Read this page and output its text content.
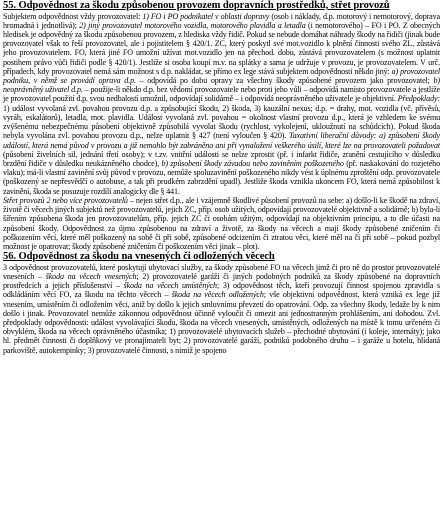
55. Odpovědnost za škodu způsobenou provozem dopravních prostředků, střet provozů

Subjektem odpovědnost vždy provozovatel: 1) FO i PO podnikatel v oblasti dopravy (osob i náklady, d.p. motorový i nemotorový, doprava hromadná i jednotlivá); 2) jiný provozovatel motorového vozidla, motorového plavidla a letadla (i nemotorového) – FO i PO. Z obecných hledisek je odpovědný za škodu způsobenou provozem, z hlediska vždy řidič. Pokud se nebude domáhat náhrady škody na řidiči (jinak bude provozovatel však to řeší provozovatel, ale i pojistitelem § 420/1. ZC, který poskytl své mot.vozidlo k plnění činnosti svého ZL, zůstává jeho provozovatelem. FO, která jiné FO umožní užívat mot.vozidlo jen na přechod. dobu, zůstává provozovatelem (s možnost uplatnit postihem právo vůči řidiči podle § 420/1). Jestliže si osoba koupí m.v. na splátky a sama je udržuje v provozu, je provozovatelem. V urč. případech, kdy provozovatel nemá sám možnost s d.p. nakládat, se přímo ex lege stává subjektem odpovědnosti někdo jiný: a) provozovatel podniku, v němž se provádí oprava d.p. – odpovídá po dobu opravy za všechny škody způsobené provozem jako provozovatel; b) neoprávněný uživatel d.p. – použije-li někdo d.p. bez vědomí provozovatele nebo proti jeho vůli – odpovídá namísto provozovatele a jestliže je provozovatel použití d.p. svou nedbalostí umožnil, odpovídají solidárně – i odpovídá neoprávněného uživatele je objektivní. Předpoklady: 1) událost vyvolaná zvl. povahou provozu d.p. a způsobující škodu, 2) škoda, 3) kauzální nexus; d.p. = drahy, mot. vozidla (vč. přívěsů, vyráh, eskalátorů), letadla, mot. plavidla. Událost vyvolaná zvl. povahou = okolnost vlastní provozu d.p., která je vzhledem ke svému zvýšenému nebezpečnému působení objektivně způsobilá vyvolat škodu (rychlost, vykolejení, ukloužnutí na schůdcích). Pokud škoda nebyla vyvolána zvl. povahou provozu d.p., nelze uplatnit § 427 (není vyloučen § 420). Taxativní liberační důvody: a) způsobení škody událostí, která nemá původ v provozu a již nemohlo být zabráněno ani při vynaložení veškerého úsilí, které lze na provozovateli požadovat (působení živelních sil, jednání třetí osoby); v t.zv. vnitřní události se nelze zprostit (př. i infarkt řidiče, zranění cestujícího v důsledku brzdění řidiče v důsledku neukázněného chodce), b) způsobení škody závadou nebo zaviněním poškozeného (př. naskakování do rozjetého vlaku); má-li vlastní zavinění svůj původ v provozu, nemůže spoluzavinění poškozeného nikdy vést k úplnému zproštění odp. provozovatele (poškozený se nepřesvědčí o autobuse, a tak při prudkém zabrzdění upadl). Jestliže škoda vznikla ukoncem FO, která nemá způsobilost k zavinění, škoda se posuzuje rozdílí analogicky dle § 441.

Střet provozů 2 nebo více provozovatelů – nejen střet d.p., ale i vzájemně škodlivé působení provozů na sebe: a) došlo-li ke škodě na zdraví, životě či věcech jiných subjektů než provozovatelů, jejich ZC, příp. osob užitých, odpovídají provozovatelé objektivně a solidárně; b) byla-li šířením způsobena škoda jen provozovatelům, příp. jejich ZC či osobám užitým, odpovídají na objektivním principu, a to dle účasti na způsobení škody. Odpovědnost za újmu způsobenou na zdraví a životě, za škody na věcech a mají škody způsobené zničením či poškozením věcí, které měl poškozený na sobě či při sobě, způsobené odcizením či ztratou věci, které měl na či při sobě – pokud pozbyl možnost je opatrovat; škody způsobené zničením či poškozením věci jinak – plot).

56. Odpovědnost za škodu na vnesených či odložených věcech

3 odpovědnost provozovatelů, které poskytují ubytovací služby, za škody způsobené FO na věcech jimž či pro ně do prostor provozovatelé vneseních – škoda na věcech vnesených; 2) provozovatelé garáží či jiných podobných podniků za škody způsobené na dopravních prostředcích a jejich příslušenství – škoda na věcech umístěných; 3) odpovědnost těch, kteří provozují činnost spojenou zpravidla s odkládáním věcí FO, za škodu na těchto věcech – škoda na věcech odložených; vše objektivní odpovědnost, která vzniká ex lege již vnesením, umístěním či odložením věci, aniž by došlo k jejich smluvnímu převzetí do opatrování. Odp. za všechny škody, ledaže by k nim došlo i jinak. Provozovatel nemůže zákonnou odpovědnost účinně vyloučit či omezit ani jednostranným prohlášením, ani dohodou. Zvl. předpoklady odpovědnosti: událost vyvolávající škodu, škoda na věcech vnesených, umístěných, odložených na místě k tomu určeném či obvyklém, škoda na věcech oprávněného účastníka; 1) provozovatelé ubytovacích služeb – přechodné ubytování (i koleje, internáty); jako hl. předmět činnosti či doplňkový ve pronajímateli byt; 2) provozovatelé garáží, podniků podobného druhu – i garáže u hotelu, hlídaná parkoviště, autokempinky; 3) provozovatelé činnosti, s nimiž je spojeno
